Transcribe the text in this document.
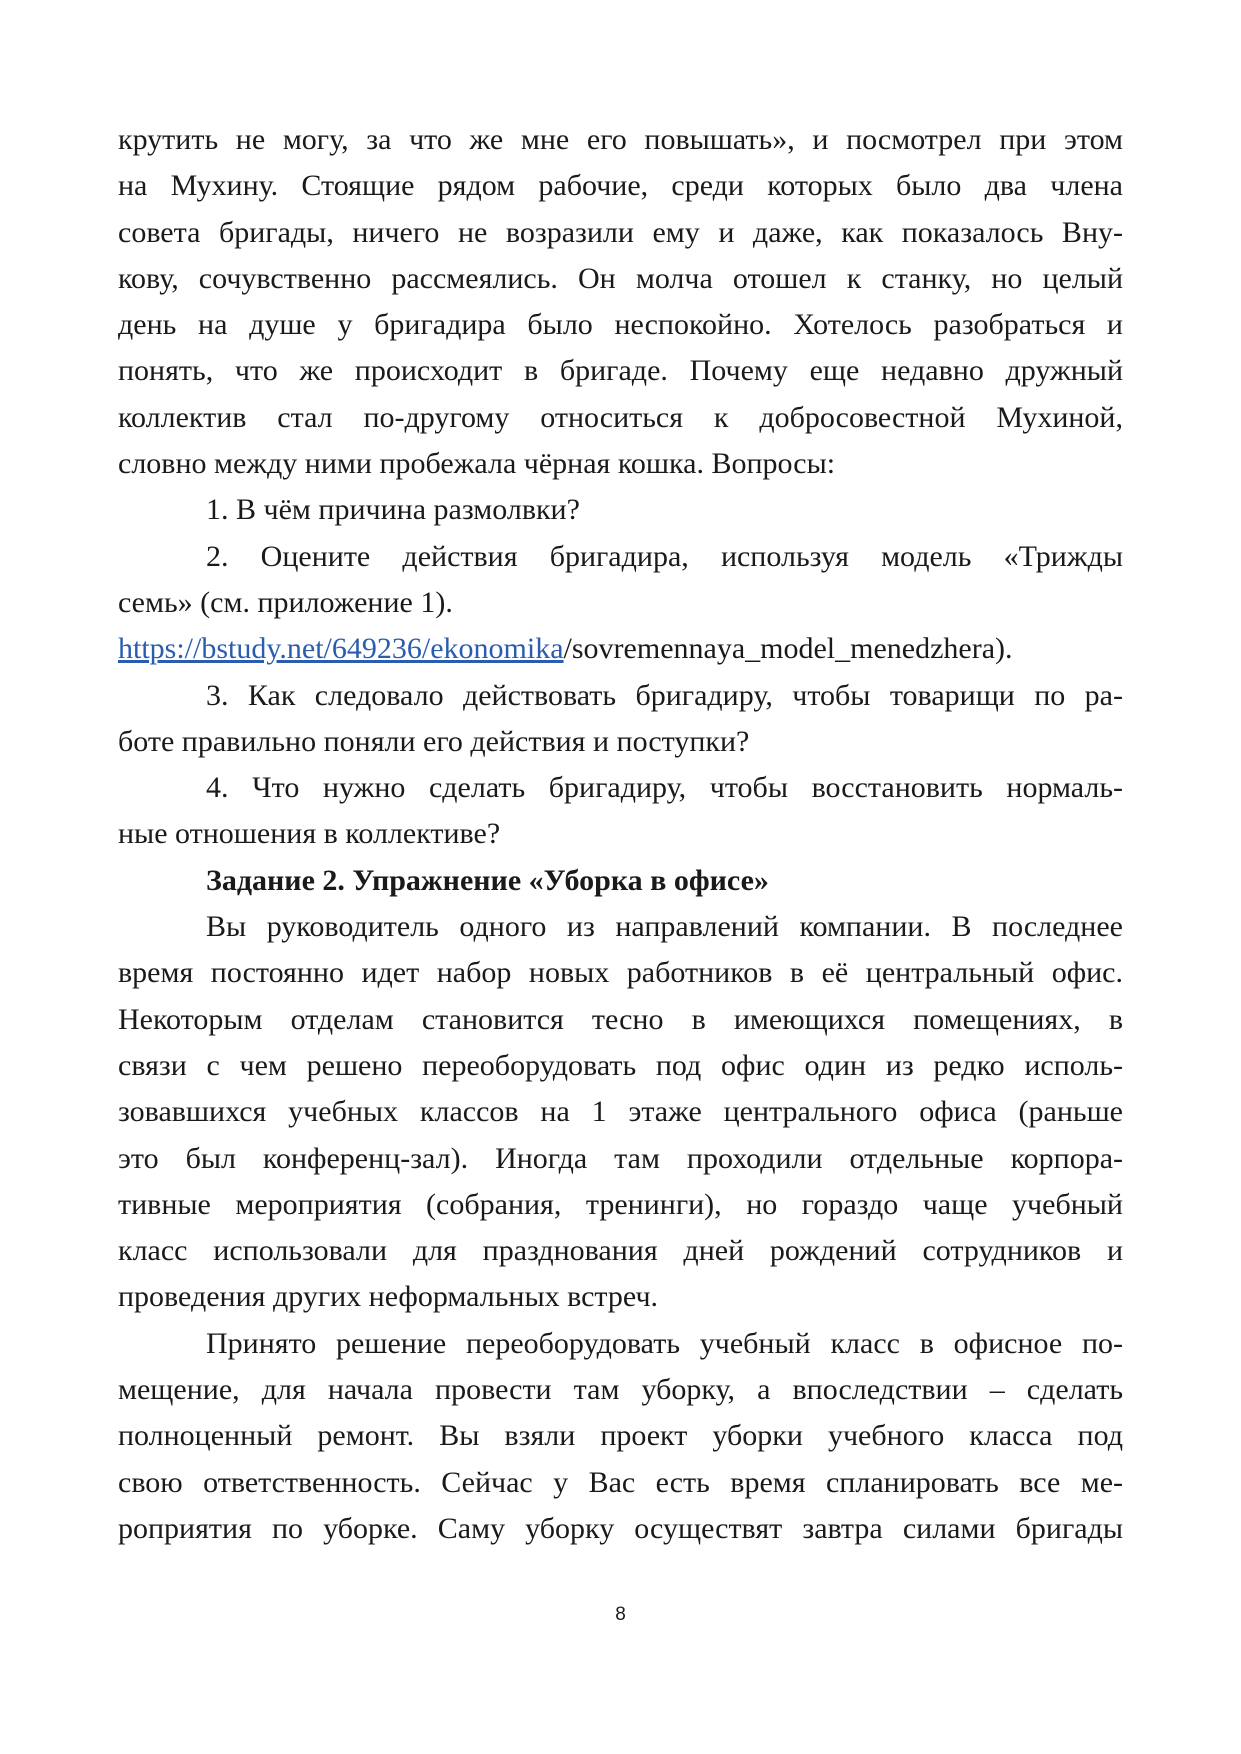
крутить не могу, за что же мне его повышать», и посмотрел при этом

на Мухину. Стоящие рядом рабочие, среди которых было два члена

совета бригады, ничего не возразили ему и даже, как показалось Вну-

кову, сочувственно рассмеялись. Он молча отошел к станку, но целый

день на душе у бригадира было неспокойно. Хотелось разобраться и

понять, что же происходит в бригаде. Почему еще недавно дружный

коллектив стал по-другому относиться к добросовестной Мухиной,

словно между ними пробежала чёрная кошка. Вопросы:

1. В чём причина размолвки?

2. Оцените действия бригадира, используя модель «Трижды

семь» (см. приложение 1).

https://bstudy.net/649236/ekonomika/sovremennaya_model_menedzhera).

3. Как следовало действовать бригадиру, чтобы товарищи по ра-

боте правильно поняли его действия и поступки?

4. Что нужно сделать бригадиру, чтобы восстановить нормаль-

ные отношения в коллективе?

Задание 2. Упражнение «Уборка в офисе»

Вы руководитель одного из направлений компании. В последнее

время постоянно идет набор новых работников в её центральный офис.

Некоторым отделам становится тесно в имеющихся помещениях, в

связи с чем решено переоборудовать под офис один из редко исполь-

зовавшихся учебных классов на 1 этаже центрального офиса (раньше

это был конференц-зал). Иногда там проходили отдельные корпора-

тивные мероприятия (собрания, тренинги), но гораздо чаще учебный

класс использовали для празднования дней рождений сотрудников и

проведения других неформальных встреч.

Принято решение переоборудовать учебный класс в офисное по-

мещение, для начала провести там уборку, а впоследствии – сделать

полноценный ремонт. Вы взяли проект уборки учебного класса под

свою ответственность. Сейчас у Вас есть время спланировать все ме-

роприятия по уборке. Саму уборку осуществят завтра силами бригады

8
